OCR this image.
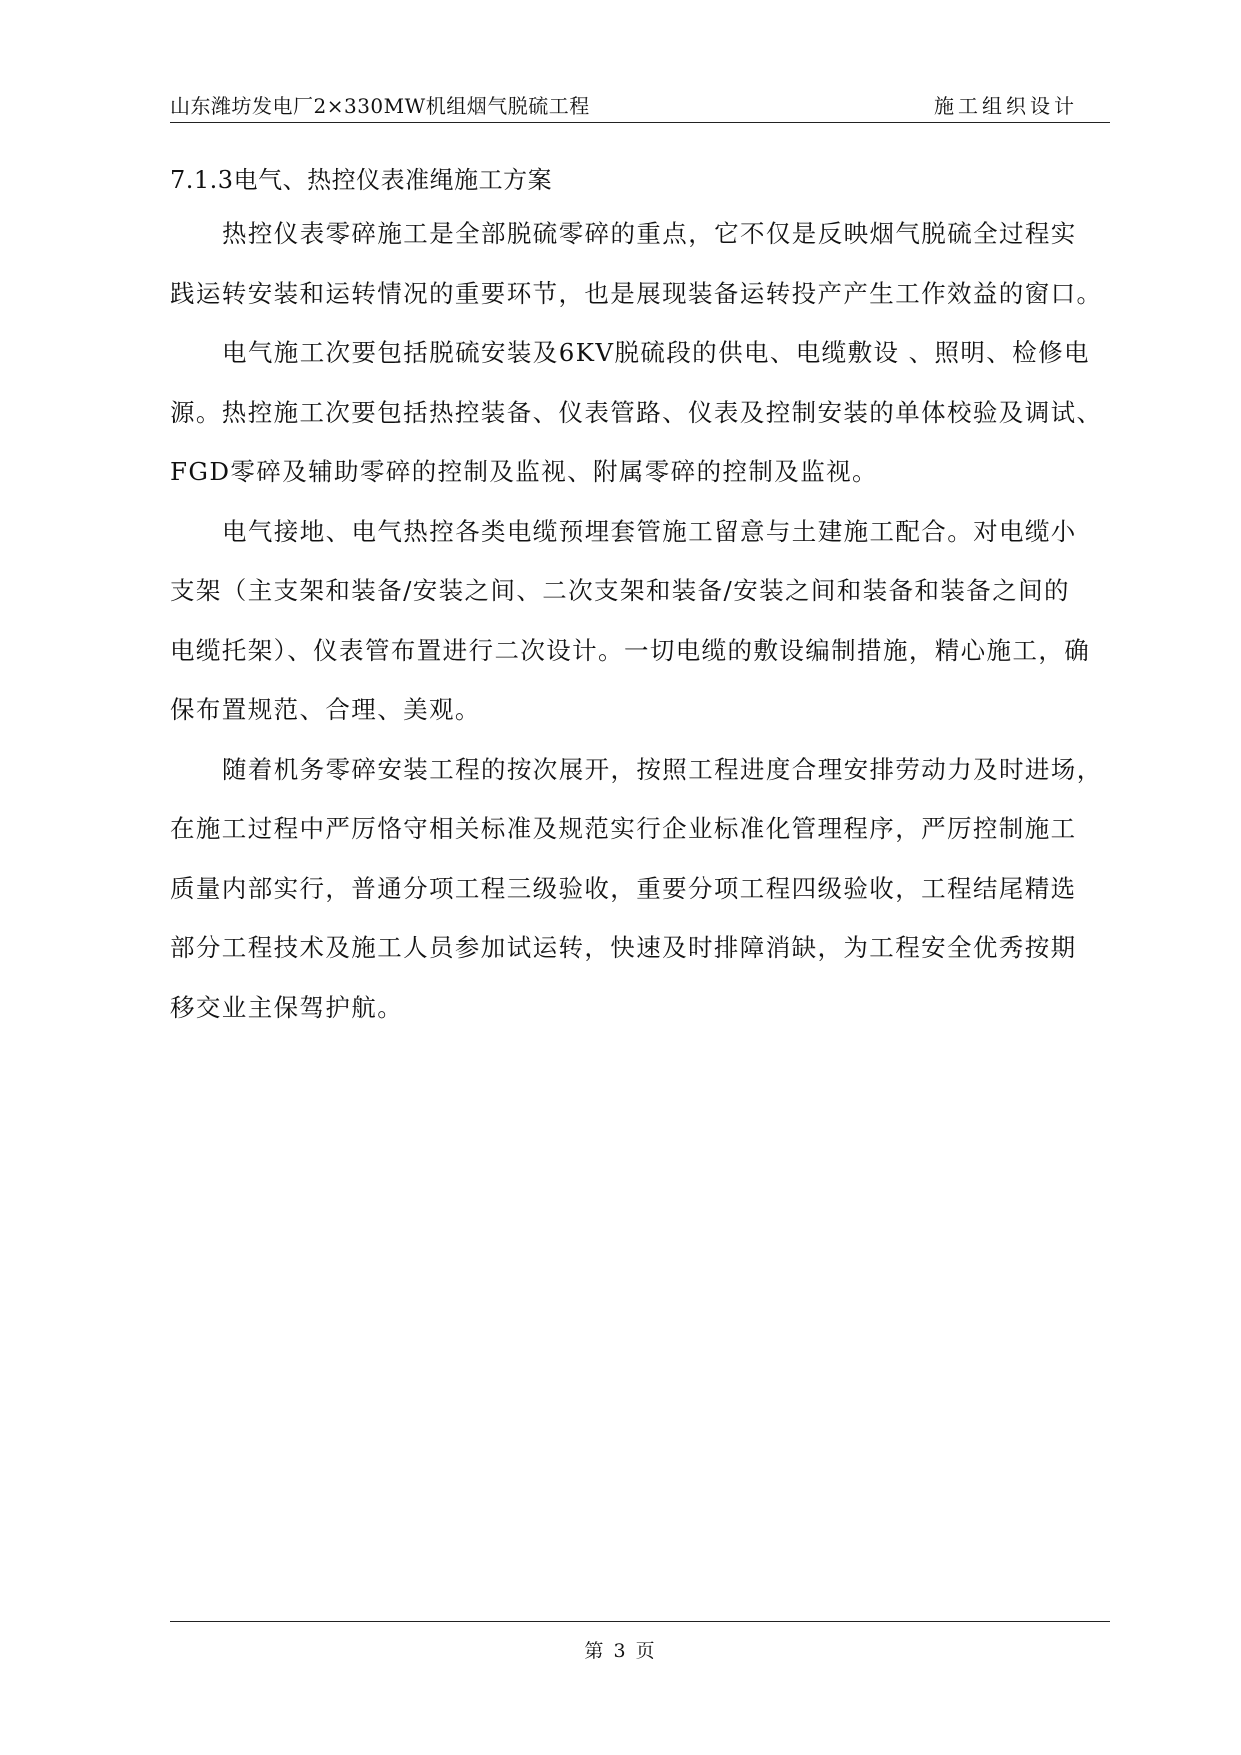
山东潍坊发电厂2×330MW机组烟气脱硫工程	施工组织设计
7.1.3电气、热控仪表准绳施工方案

热控仪表零碎施工是全部脱硫零碎的重点，它不仅是反映烟气脱硫全过程实
践运转安装和运转情况的重要环节，也是展现装备运转投产产生工作效益的窗口。

电气施工次要包括脱硫安装及6KV脱硫段的供电、电缆敷设 、照明、检修电
源。热控施工次要包括热控装备、仪表管路、仪表及控制安装的单体校验及调试、
FGD零碎及辅助零碎的控制及监视、附属零碎的控制及监视。

电气接地、电气热控各类电缆预埋套管施工留意与土建施工配合。对电缆小
支架（主支架和装备/安装之间、二次支架和装备/安装之间和装备和装备之间的
电缆托架）、仪表管布置进行二次设计。一切电缆的敷设编制措施，精心施工，确
保布置规范、合理、美观。

随着机务零碎安装工程的按次展开，按照工程进度合理安排劳动力及时进场，
在施工过程中严厉恪守相关标准及规范实行企业标准化管理程序，严厉控制施工
质量内部实行，普通分项工程三级验收，重要分项工程四级验收，工程结尾精选
部分工程技术及施工人员参加试运转，快速及时排障消缺，为工程安全优秀按期
移交业主保驾护航。

第 3 页
